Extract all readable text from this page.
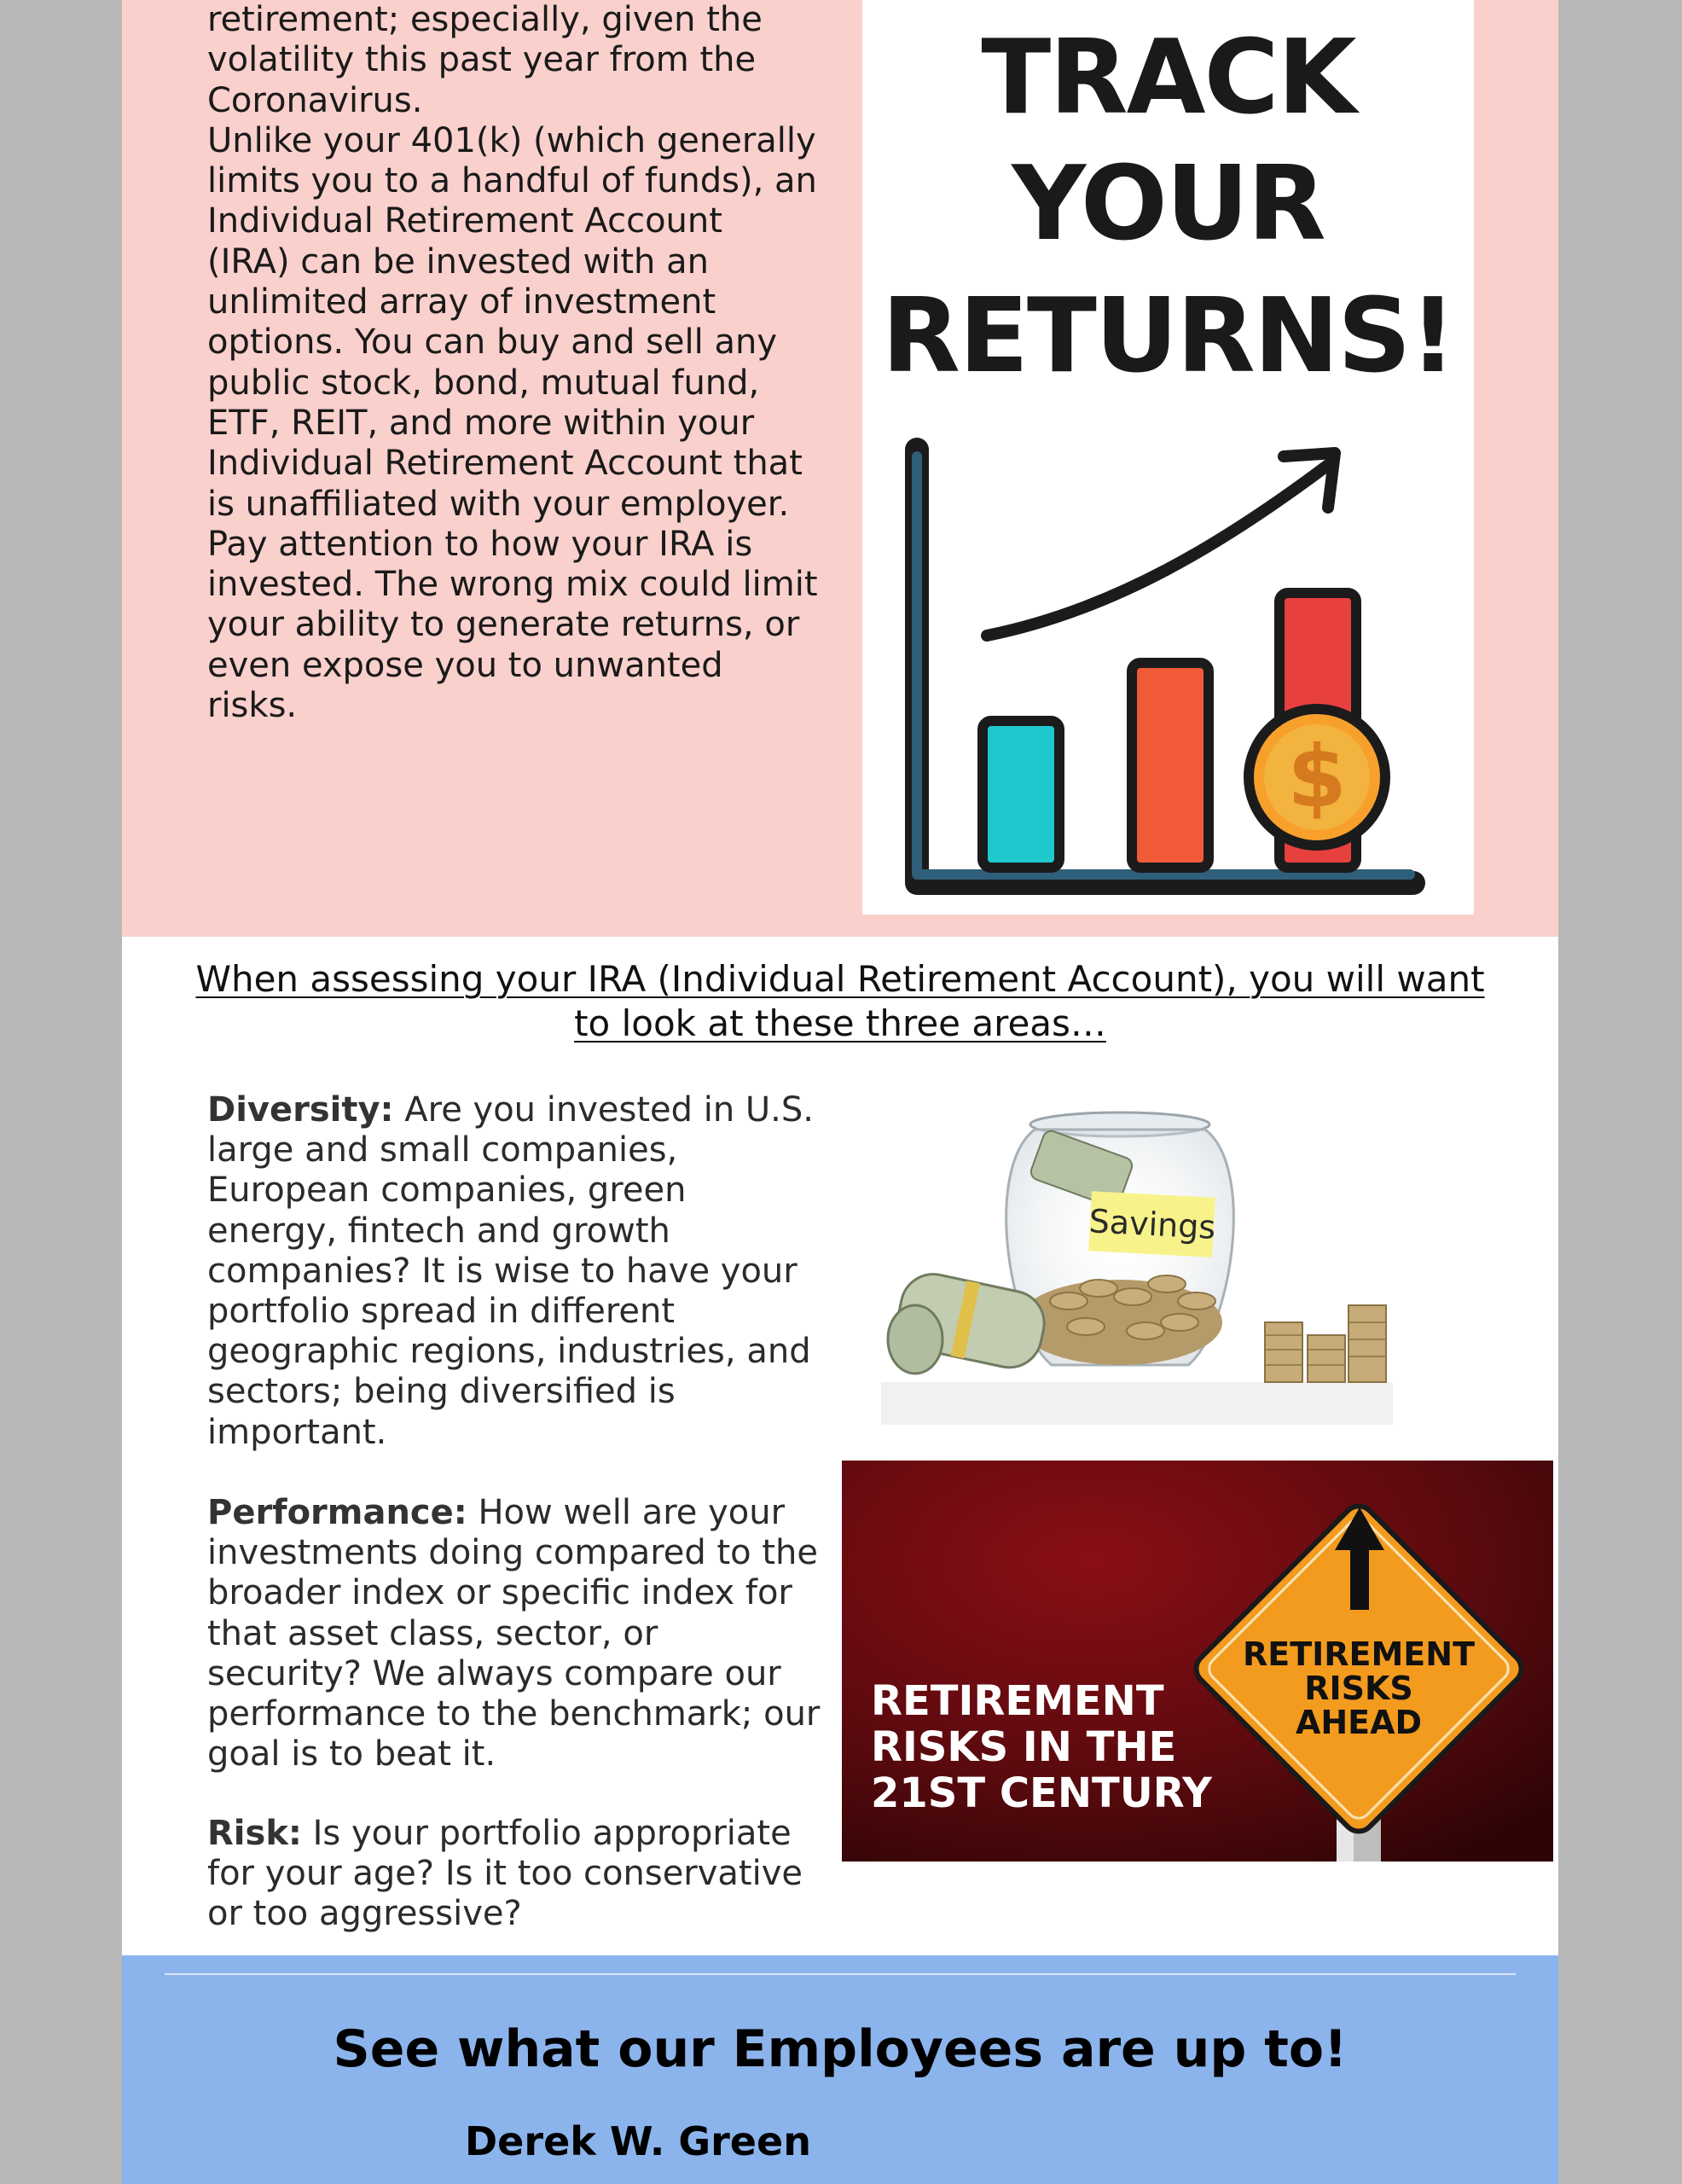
retirement; especially, given the

volatility this past year from the

Coronavirus.

Unlike your 401(k) (which generally

limits you to a handful of funds), an

Individual Retirement Account

(IRA) can be invested with an

unlimited array of investment

options. You can buy and sell any

public stock, bond, mutual fund,

ETF, REIT, and more within your

Individual Retirement Account that

is unaffiliated with your employer.

Pay attention to how your IRA is

invested. The wrong mix could limit

your ability to generate returns, or

even expose you to unwanted

risks.

TRACK
YOUR
RETURNS!
$
When assessing your IRA (Individual Retirement Account), you will want to look at these three areas…

Diversity: Are you invested in U.S.
large and small companies,
European companies, green
energy, fintech and growth
companies? It is wise to have your
portfolio spread in different
geographic regions, industries, and
sectors; being diversified is
important.

Performance: How well are your
investments doing compared to the
broader index or specific index for
that asset class, sector, or
security? We always compare our
performance to the benchmark; our
goal is to beat it.

Risk: Is your portfolio appropriate
for your age? Is it too conservative
or too aggressive?

Savings
RETIREMENT
RISKS
AHEAD
RETIREMENT
RISKS IN THE
21ST CENTURY
See what our Employees are up to!
Derek W. Green
